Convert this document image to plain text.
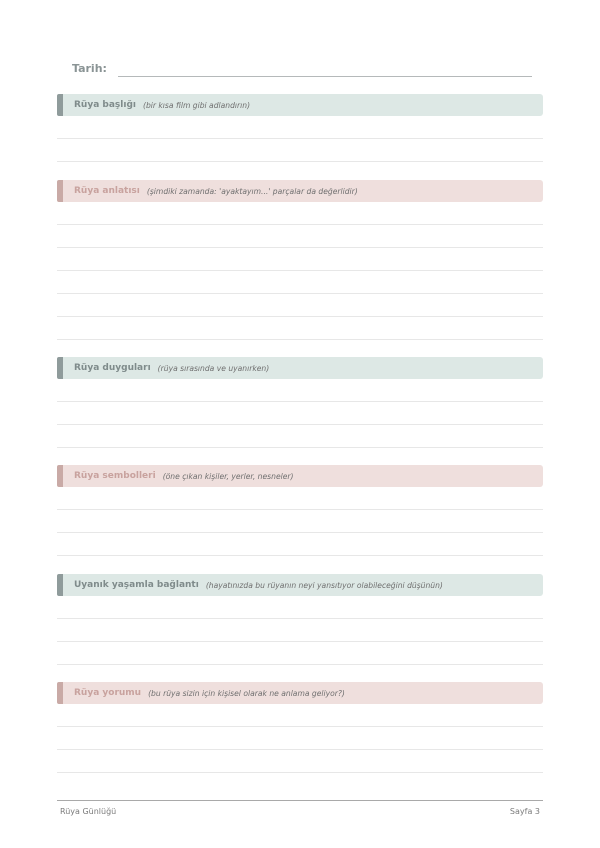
Tarih:
Rüya başlığı (bir kısa film gibi adlandırın)
Rüya anlatısı (şimdiki zamanda: 'ayaktayım...' parçalar da değerlidir)
Rüya duyguları (rüya sırasında ve uyanırken)
Rüya sembolleri (öne çıkan kişiler, yerler, nesneler)
Uyanık yaşamla bağlantı (hayatınızda bu rüyanın neyi yansıtıyor olabileceğini düşünün)
Rüya yorumu (bu rüya sizin için kişisel olarak ne anlama geliyor?)
Rüya Günlüğü	Sayfa 3
